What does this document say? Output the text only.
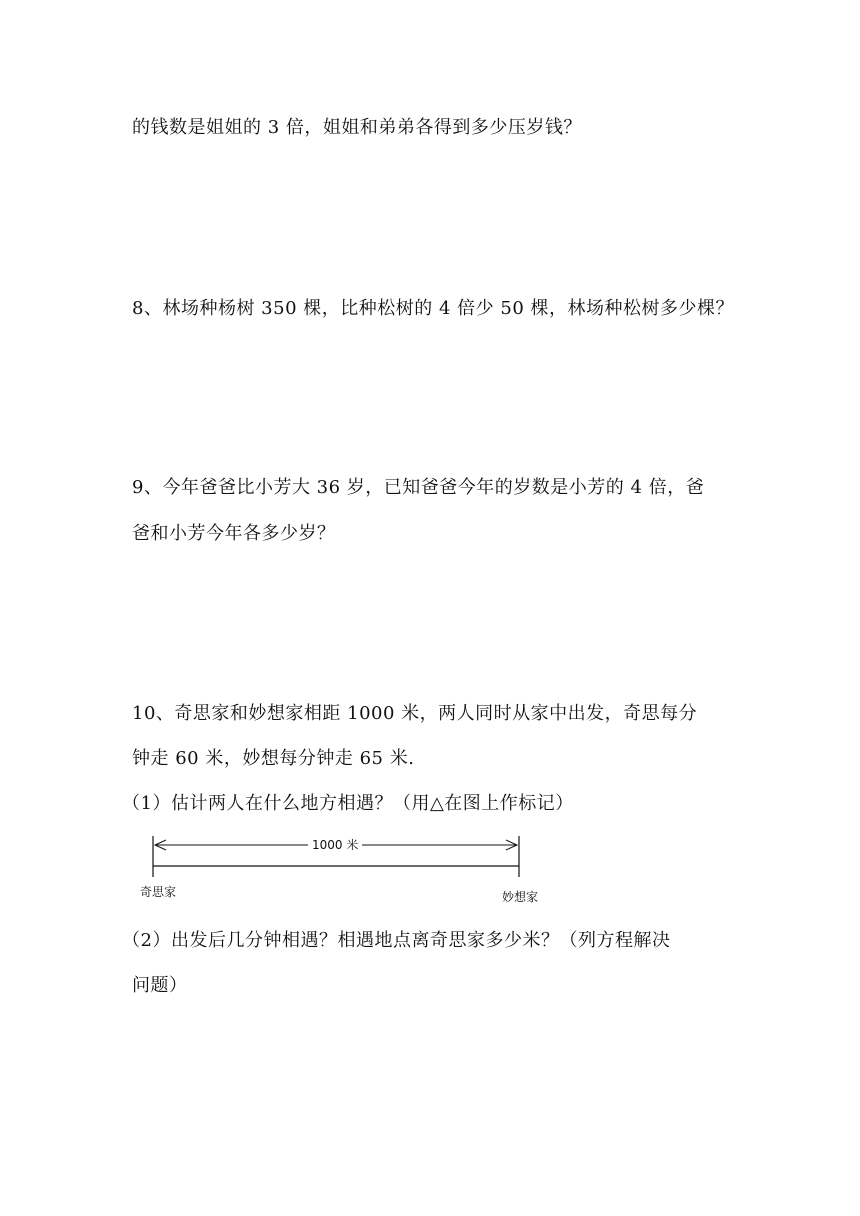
的钱数是姐姐的 3 倍，姐姐和弟弟各得到多少压岁钱？
8、林场种杨树 350 棵，比种松树的 4 倍少 50 棵，林场种松树多少棵？
9、今年爸爸比小芳大 36 岁，已知爸爸今年的岁数是小芳的 4 倍，爸
爸和小芳今年各多少岁？
10、奇思家和妙想家相距 1000 米，两人同时从家中出发，奇思每分
钟走 60 米，妙想每分钟走 65 米.
（1）估计两人在什么地方相遇？（用△在图上作标记）
1000 米
奇思家	妙想家
（2）出发后几分钟相遇？相遇地点离奇思家多少米？（列方程解决
问题）
